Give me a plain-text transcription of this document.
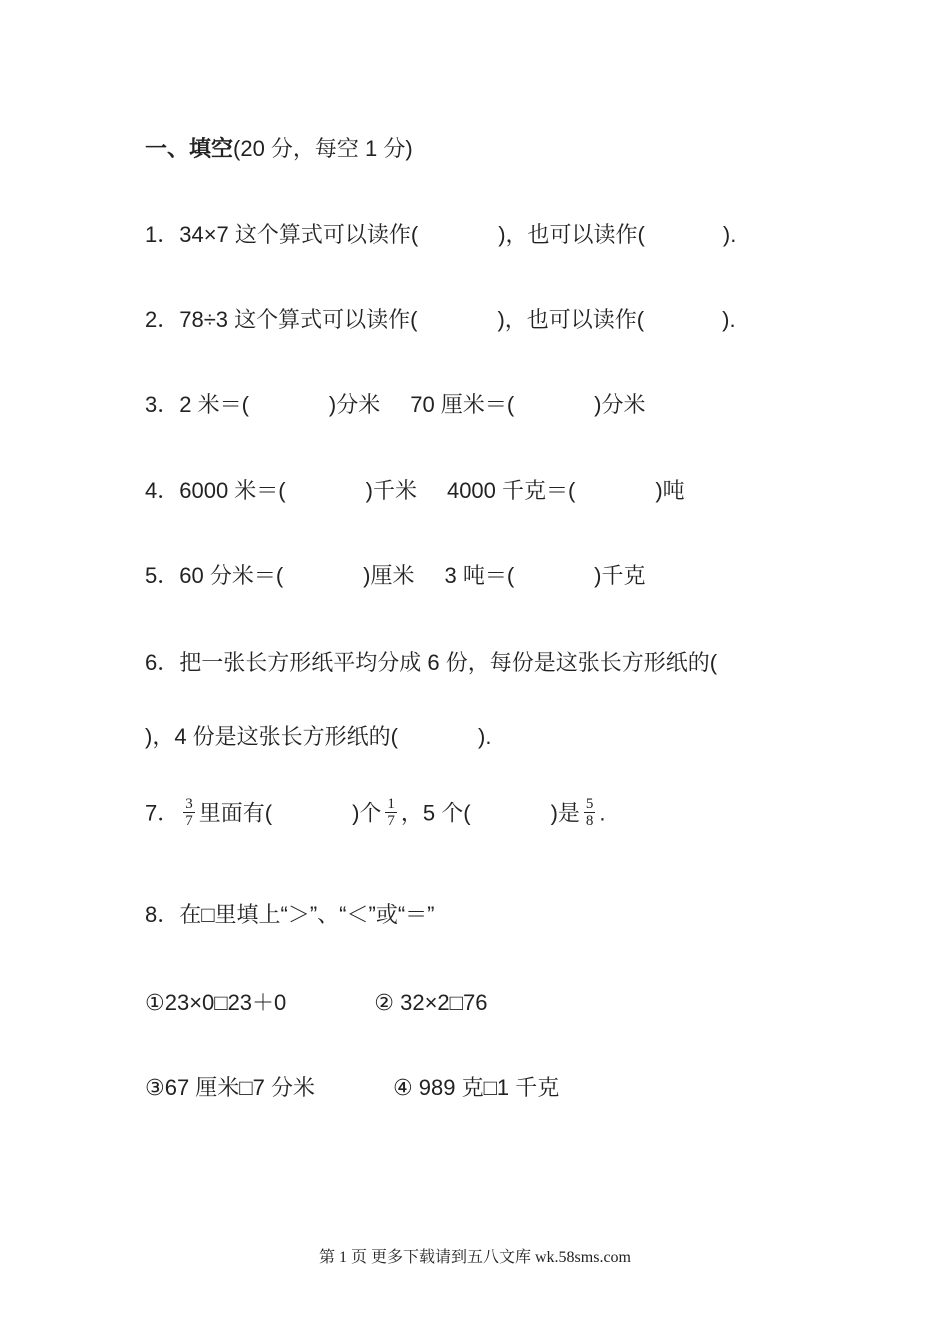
一、填空(20 分，每空 1 分)
1．34×7 这个算式可以读作(	)，也可以读作(	).
2．78÷3 这个算式可以读作(	)，也可以读作(	).
3．2 米＝(	)分米 70 厘米＝(	)分米
4．6000 米＝(	)千米 4000 千克＝(	)吨
5．60 分米＝(	)厘米 3 吨＝(	)千克
6．把一张长方形纸平均分成 6 份，每份是这张长方形纸的(
)，4 份是这张长方形纸的(	).
7． $\frac{3}{7}$ 里面有(	)个 $\frac{1}{7}$ ，5 个(	)是 $\frac{5}{8}$ .
8．在□里填上“＞”、“＜”或“＝”
①23×0□23＋0	② 32×2□76
③67 厘米□7 分米	④ 989 克□1 千克
第 1 页 更多下载请到五八文库 wk.58sms.com
